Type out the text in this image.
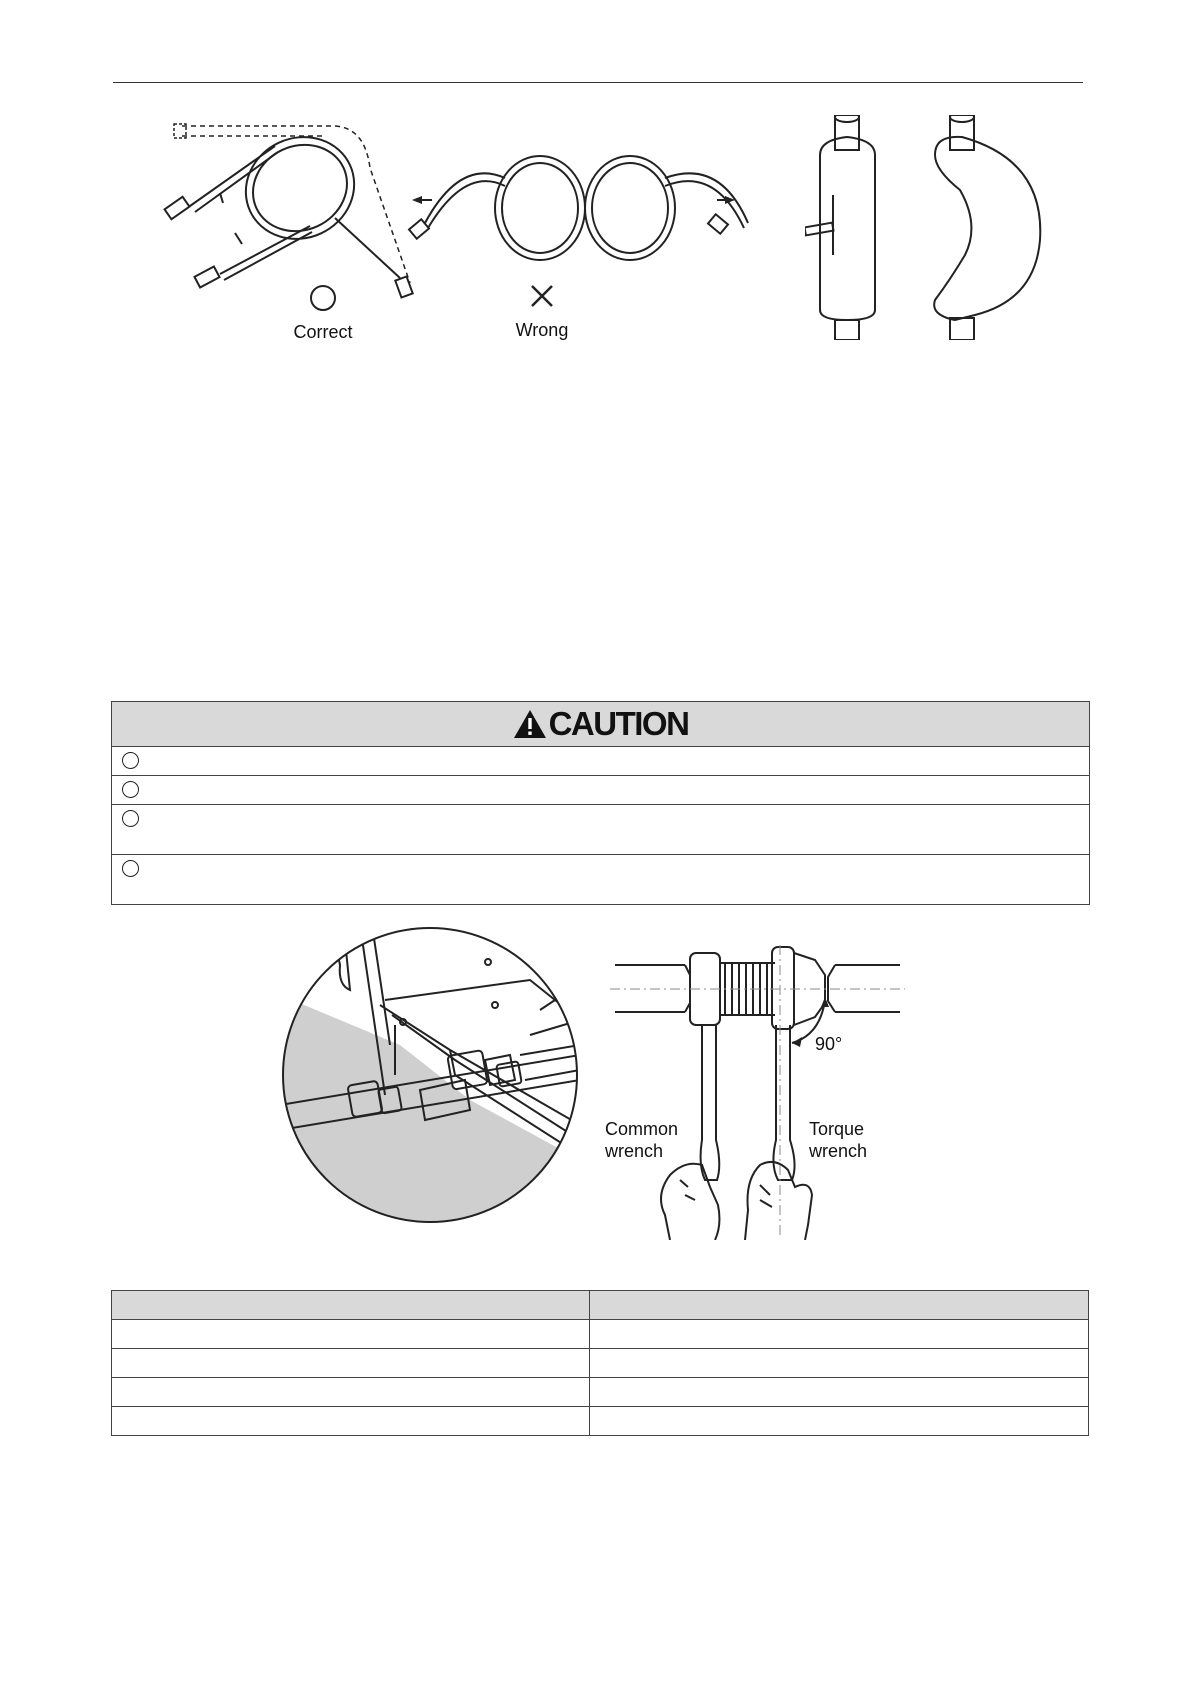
Correct	Wrong
CAUTION
90°
Common
wrench
Torque
wrench
